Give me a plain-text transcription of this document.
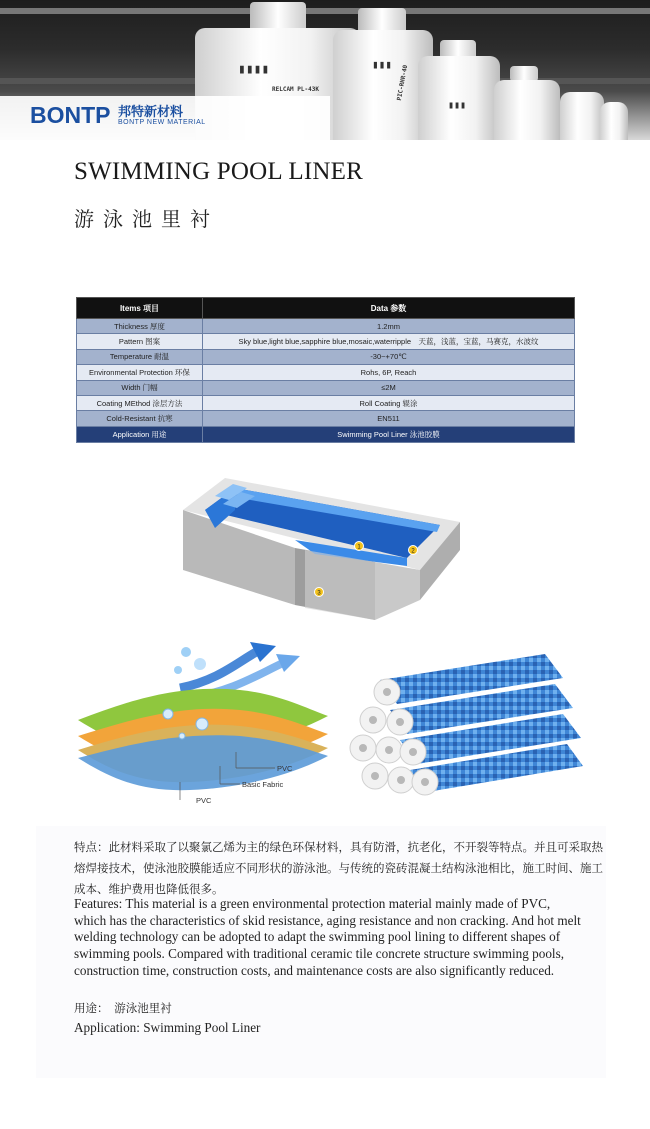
▮▮▮▮
RELCAM PL-43K
▮▮▮ PIC-RHR-40
▮▮▮
BONTP 邦特新材料
BONTP NEW MATERIAL
SWIMMING POOL LINER
游泳池里衬
Items 项目	Data 参数
Thickness 厚度	1.2mm
Pattern 图案	Sky blue,light blue,sapphire blue,mosaic,waterripple　天蓝，浅蓝，宝蓝，马赛克，水波纹
Temperature 耐温	-30~+70℃
Environmental Protection 环保	Rohs, 6P, Reach
Width 门幅	≤2M
Coating MEthod 涂层方法	Roll Coating 辊涂
Cold-Resistant 抗寒	EN511
Application 用途	Swimming Pool Liner 泳池胶膜
1
2
3
PVC
Basic Fabric
PVC
特点：此材料采取了以聚氯乙烯为主的绿色环保材料，具有防滑，抗老化，不开裂等特点。并且可采取热熔焊接技术，使泳池胶膜能适应不同形状的游泳池。与传统的瓷砖混凝土结构泳池相比，施工时间、施工成本、维护费用也降低很多。
Features: This material is a green environmental protection material mainly made of PVC, which has the characteristics of skid resistance, aging resistance and non cracking. And hot melt welding technology can be adopted to adapt the swimming pool lining to different shapes of swimming pools. Compared with traditional ceramic tile concrete structure swimming pools, construction time, construction costs, and maintenance costs are also significantly reduced.
用途：　游泳池里衬
Application: Swimming Pool Liner
